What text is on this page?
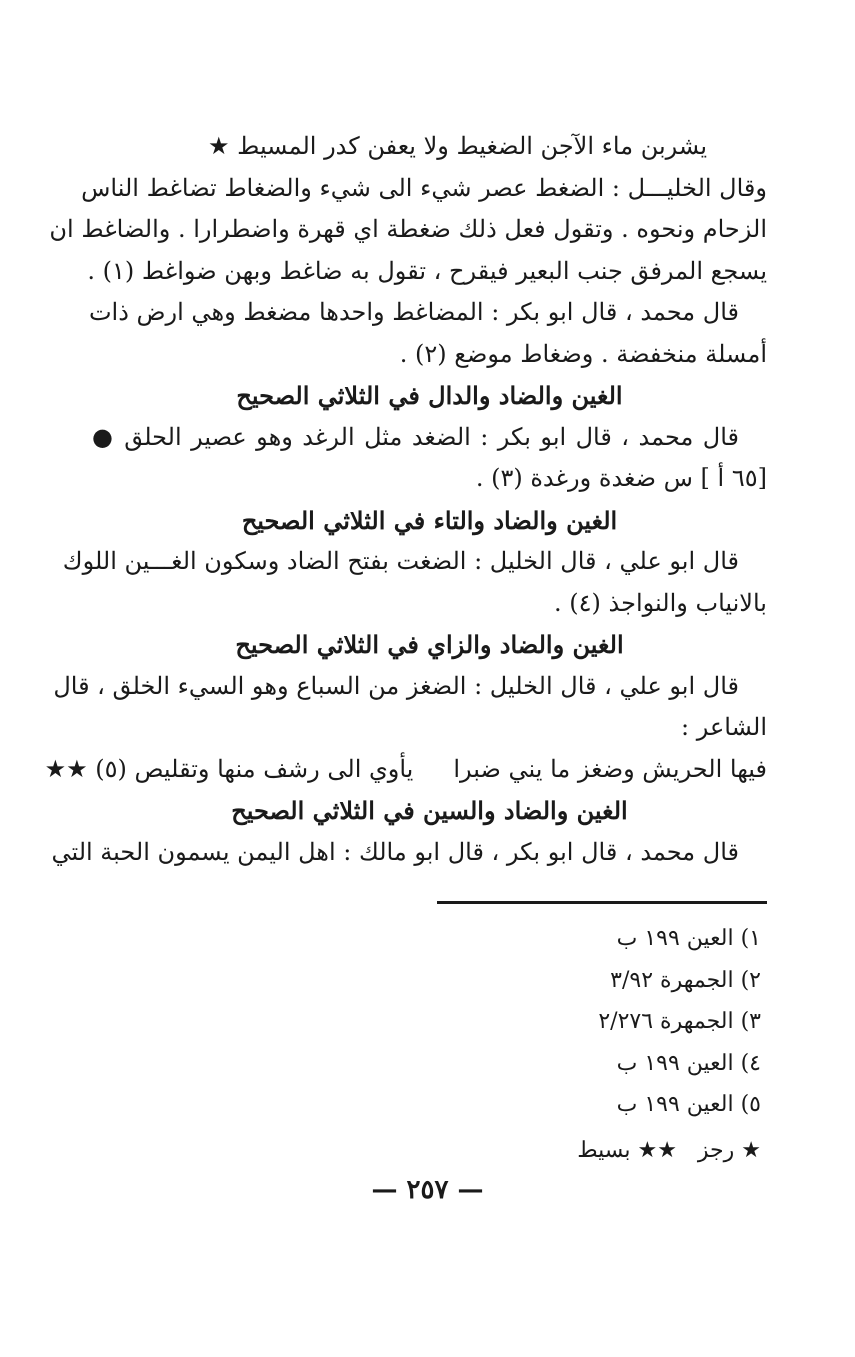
يشربن ماء الآجن الضغيط ولا يعفن كدر المسيط ★
وقال الخليـــل : الضغط عصر شيء الى شيء والضغاط تضاغط الناس
الزحام ونحوه . وتقول فعل ذلك ضغطة اي قهرة واضطرارا . والضاغط ان
يسجع المرفق جنب البعير فيقرح ، تقول به ضاغط وبهن ضواغط (١) .
قال محمد ، قال ابو بكر : المضاغط واحدها مضغط وهي ارض ذات
أمسلة منخفضة . وضغاط موضع (٢) .
الغين والضاد والدال في الثلاثي الصحيح
قال محمد ، قال ابو بكر : الضغد مثل الرغد وهو عصير الحلق ●
[٦٥ أ ] س ضغدة ورغدة (٣) .
الغين والضاد والتاء في الثلاثي الصحيح
قال ابو علي ، قال الخليل : الضغت بفتح الضاد وسكون الغـــين اللوك
بالانياب والنواجذ (٤) .
الغين والضاد والزاي في الثلاثي الصحيح
قال ابو علي ، قال الخليل : الضغز من السباع وهو السيء الخلق ، قال
الشاعر :
فيها الحريش وضغز ما يني ضبرا
يأوي الى رشف منها وتقليص (٥) ★★
الغين والضاد والسين في الثلاثي الصحيح
قال محمد ، قال ابو بكر ، قال ابو مالك : اهل اليمن يسمون الحبة التي
١) العين ١٩٩ ب
٢) الجمهرة ٣/٩٢
٣) الجمهرة ٢/٢٧٦
٤) العين ١٩٩ ب
٥) العين ١٩٩ ب
★ رجز   ★★ بسيط
— ٢٥٧ —
